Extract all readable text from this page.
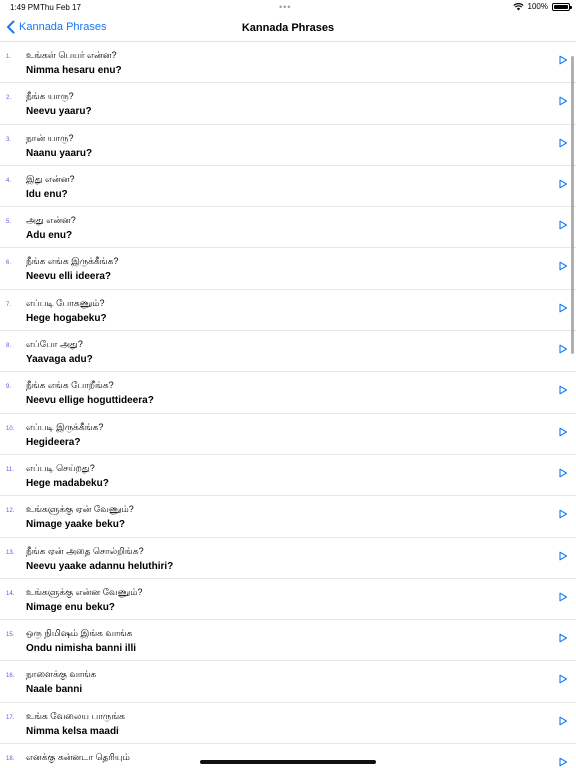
1:49 PM Thu Feb 17	•••	100%
Kannada Phrases	Kannada Phrases
1. உங்கள் பெயர் என்ன?
Nimma hesaru enu?
2. நீங்க யாரு?
Neevu yaaru?
3. நான் யாரு?
Naanu yaaru?
4. இது என்ன?
Idu enu?
5. அது என்ன?
Adu enu?
6. நீங்க எங்க இருக்கீங்க?
Neevu elli ideera?
7. எப்படி போகணும்?
Hege hogabeku?
8. எப்போ அது?
Yaavaga adu?
9. நீங்க எங்க போறீங்க?
Neevu ellige hoguttideera?
10. எப்படி இருக்கீங்க?
Hegideera?
11. எப்படி செய்றது?
Hege madabeku?
12. உங்களுக்கு ஏன் வேணும்?
Nimage yaake beku?
13. நீங்க ஏன் அதை சொல்றிங்க?
Neevu yaake adannu heluthiri?
14. உங்களுக்கு என்ன வேணும்?
Nimage enu beku?
15. ஒரு நிமிஷம் இங்க வாங்க
Ondu nimisha banni illi
16. நாளைக்கு வாங்க
Naale banni
17. உங்க வேலைய பாருங்க
Nimma kelsa maadi
18. எனக்கு கன்னடா தெரியும்
